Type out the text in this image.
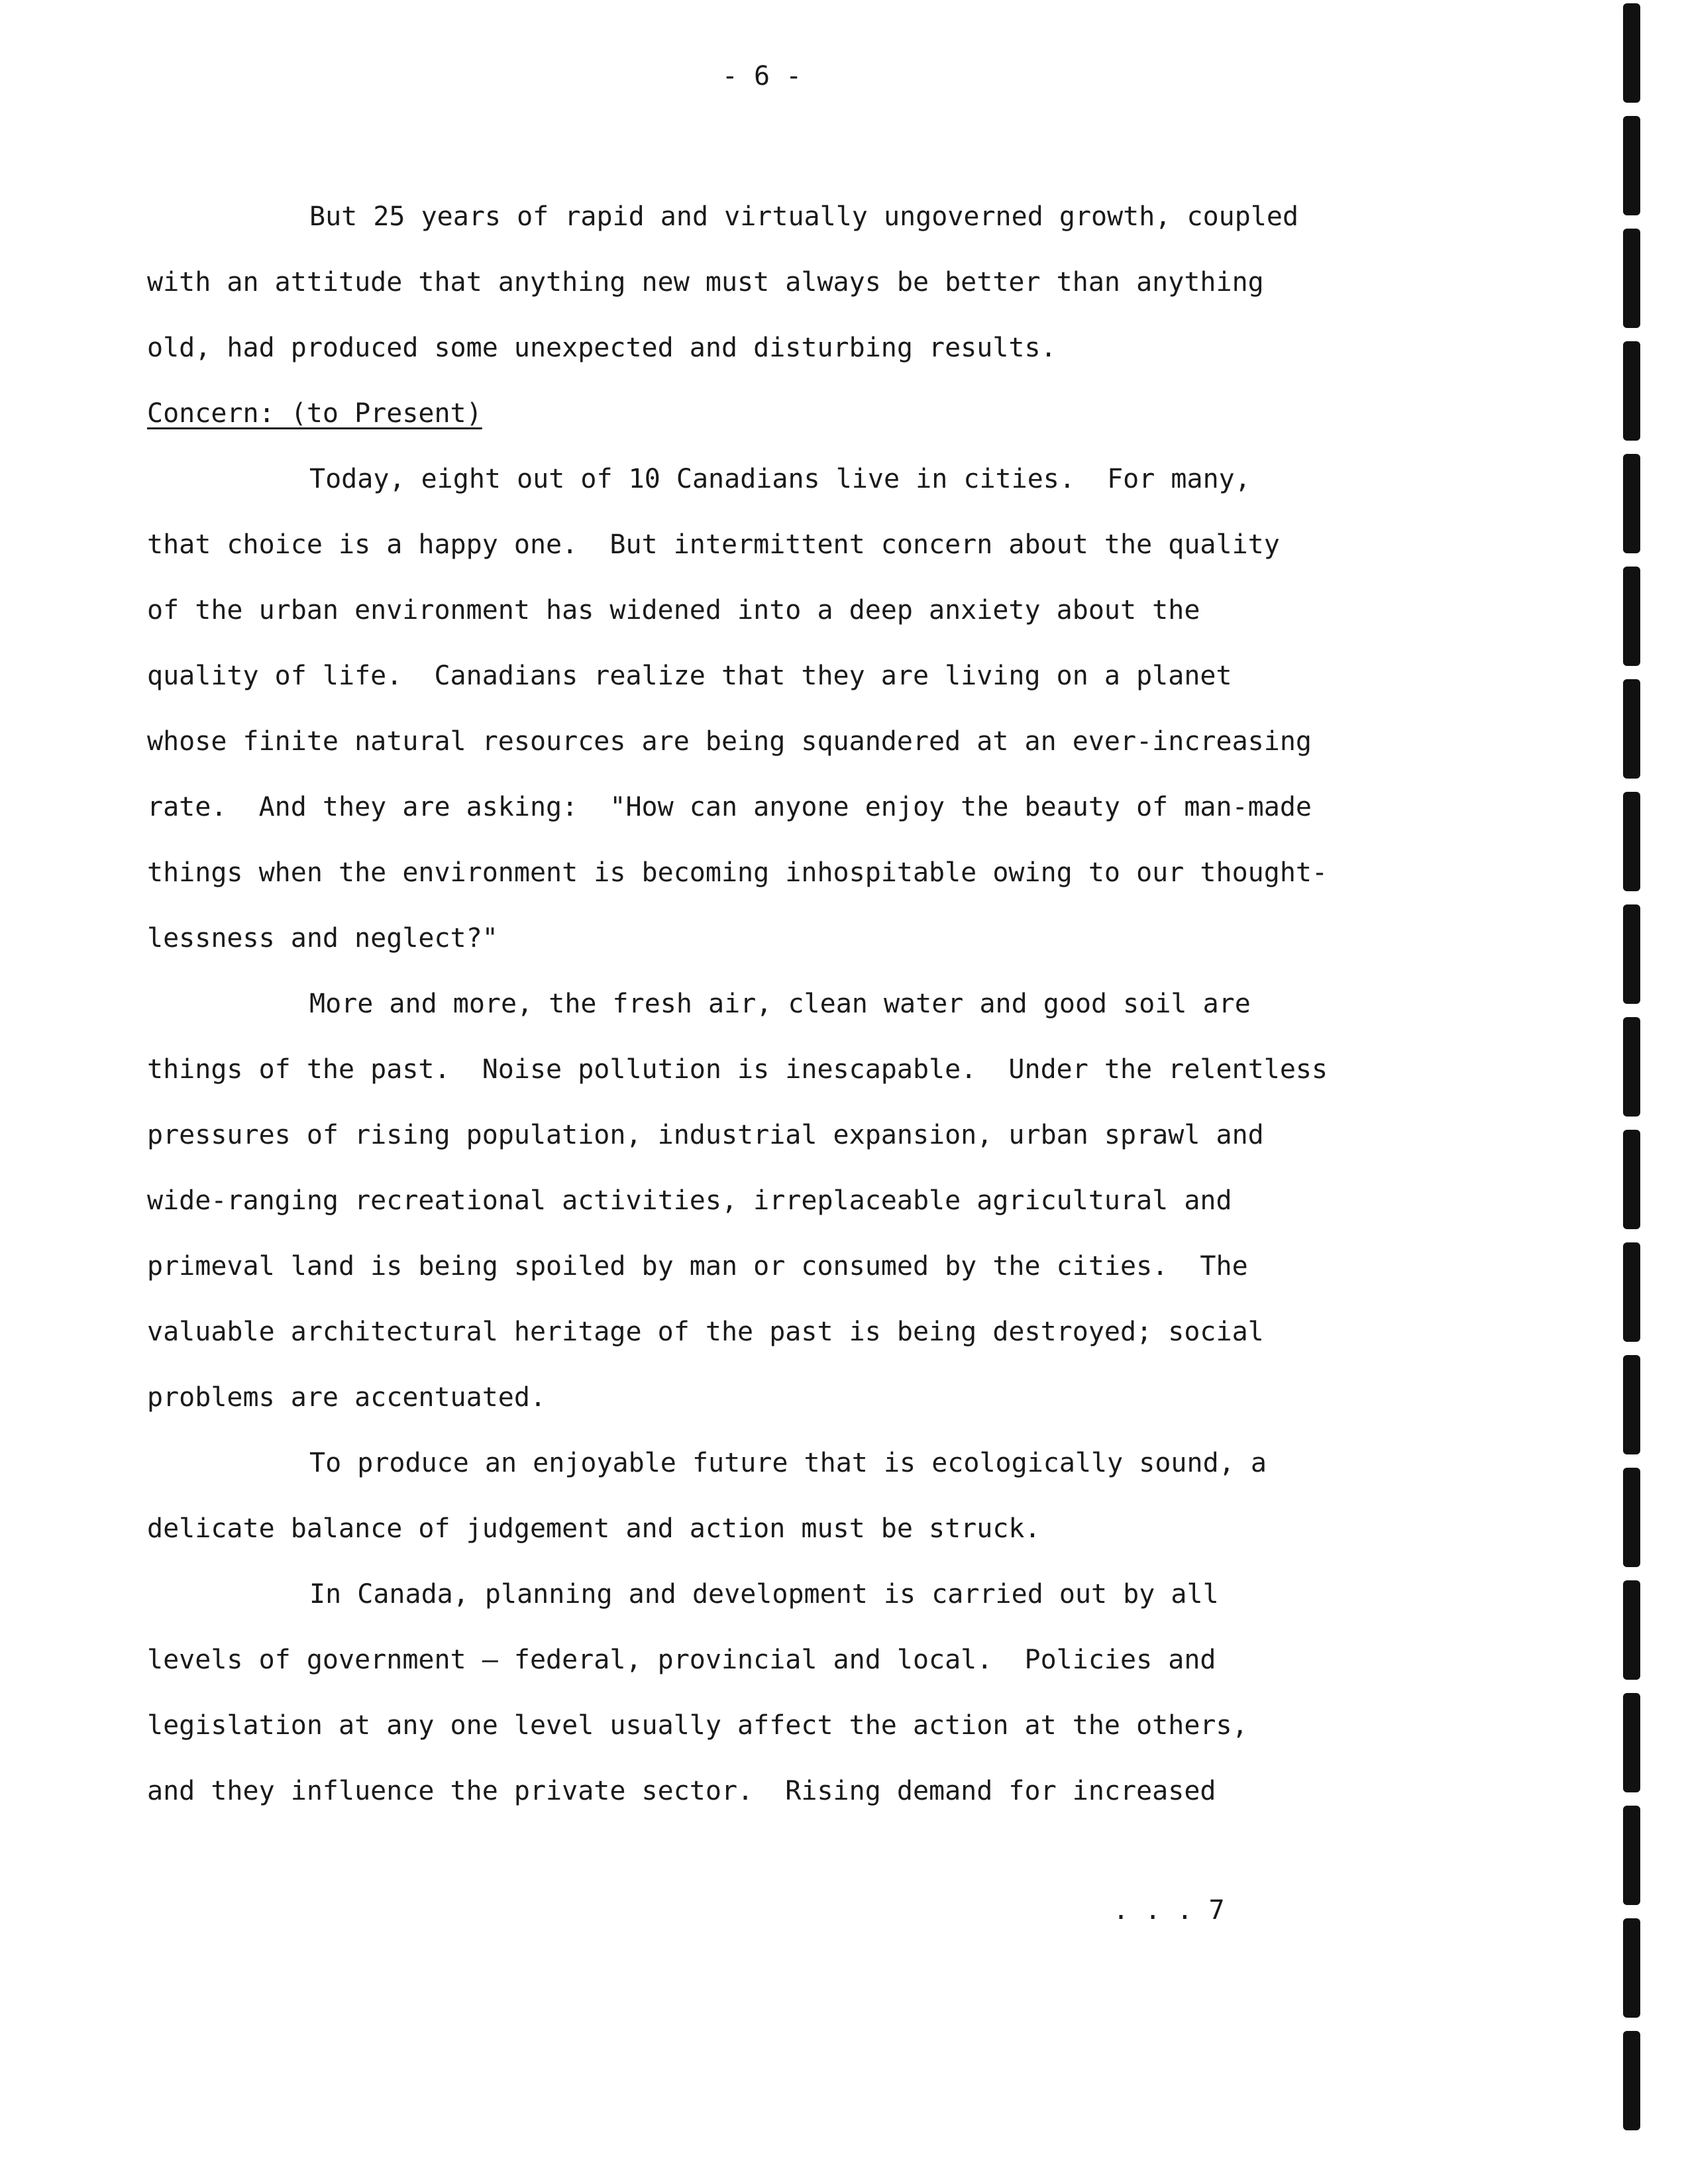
- 6 -
But 25 years of rapid and virtually ungoverned growth, coupled
with an attitude that anything new must always be better than anything
old, had produced some unexpected and disturbing results.
Concern: (to Present)
Today, eight out of 10 Canadians live in cities.  For many,
that choice is a happy one.  But intermittent concern about the quality
of the urban environment has widened into a deep anxiety about the
quality of life.  Canadians realize that they are living on a planet
whose finite natural resources are being squandered at an ever-increasing
rate.  And they are asking:  "How can anyone enjoy the beauty of man-made
things when the environment is becoming inhospitable owing to our thought-
lessness and neglect?"
More and more, the fresh air, clean water and good soil are
things of the past.  Noise pollution is inescapable.  Under the relentless
pressures of rising population, industrial expansion, urban sprawl and
wide-ranging recreational activities, irreplaceable agricultural and
primeval land is being spoiled by man or consumed by the cities.  The
valuable architectural heritage of the past is being destroyed; social
problems are accentuated.
To produce an enjoyable future that is ecologically sound, a
delicate balance of judgement and action must be struck.
In Canada, planning and development is carried out by all
levels of government — federal, provincial and local.  Policies and
legislation at any one level usually affect the action at the others,
and they influence the private sector.  Rising demand for increased
. . . 7
